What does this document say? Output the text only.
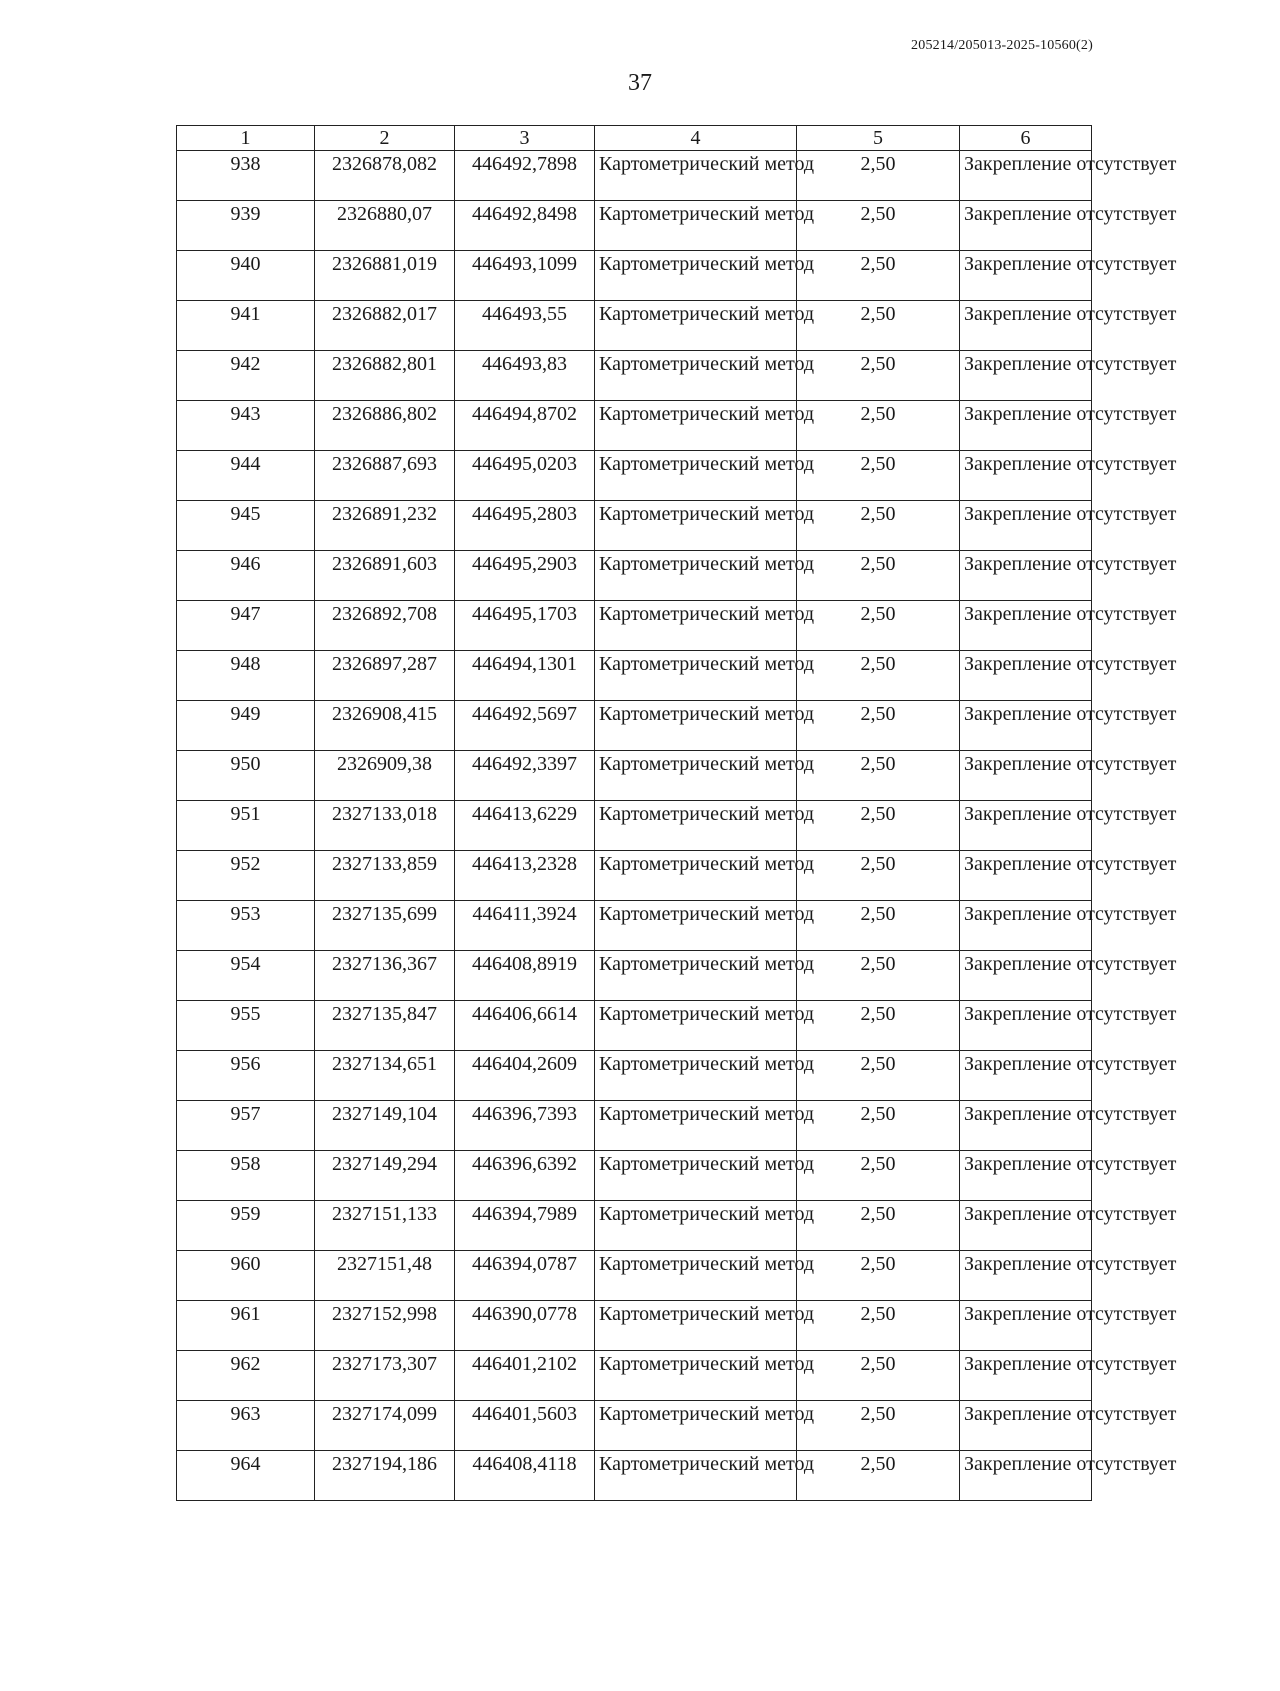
205214/205013-2025-10560(2)
37
1	2	3	4	5	6
938	2326878,082	446492,7898	Картометрический метод	2,50	Закрепление отсутствует
939	2326880,07	446492,8498	Картометрический метод	2,50	Закрепление отсутствует
940	2326881,019	446493,1099	Картометрический метод	2,50	Закрепление отсутствует
941	2326882,017	446493,55	Картометрический метод	2,50	Закрепление отсутствует
942	2326882,801	446493,83	Картометрический метод	2,50	Закрепление отсутствует
943	2326886,802	446494,8702	Картометрический метод	2,50	Закрепление отсутствует
944	2326887,693	446495,0203	Картометрический метод	2,50	Закрепление отсутствует
945	2326891,232	446495,2803	Картометрический метод	2,50	Закрепление отсутствует
946	2326891,603	446495,2903	Картометрический метод	2,50	Закрепление отсутствует
947	2326892,708	446495,1703	Картометрический метод	2,50	Закрепление отсутствует
948	2326897,287	446494,1301	Картометрический метод	2,50	Закрепление отсутствует
949	2326908,415	446492,5697	Картометрический метод	2,50	Закрепление отсутствует
950	2326909,38	446492,3397	Картометрический метод	2,50	Закрепление отсутствует
951	2327133,018	446413,6229	Картометрический метод	2,50	Закрепление отсутствует
952	2327133,859	446413,2328	Картометрический метод	2,50	Закрепление отсутствует
953	2327135,699	446411,3924	Картометрический метод	2,50	Закрепление отсутствует
954	2327136,367	446408,8919	Картометрический метод	2,50	Закрепление отсутствует
955	2327135,847	446406,6614	Картометрический метод	2,50	Закрепление отсутствует
956	2327134,651	446404,2609	Картометрический метод	2,50	Закрепление отсутствует
957	2327149,104	446396,7393	Картометрический метод	2,50	Закрепление отсутствует
958	2327149,294	446396,6392	Картометрический метод	2,50	Закрепление отсутствует
959	2327151,133	446394,7989	Картометрический метод	2,50	Закрепление отсутствует
960	2327151,48	446394,0787	Картометрический метод	2,50	Закрепление отсутствует
961	2327152,998	446390,0778	Картометрический метод	2,50	Закрепление отсутствует
962	2327173,307	446401,2102	Картометрический метод	2,50	Закрепление отсутствует
963	2327174,099	446401,5603	Картометрический метод	2,50	Закрепление отсутствует
964	2327194,186	446408,4118	Картометрический метод	2,50	Закрепление отсутствует
